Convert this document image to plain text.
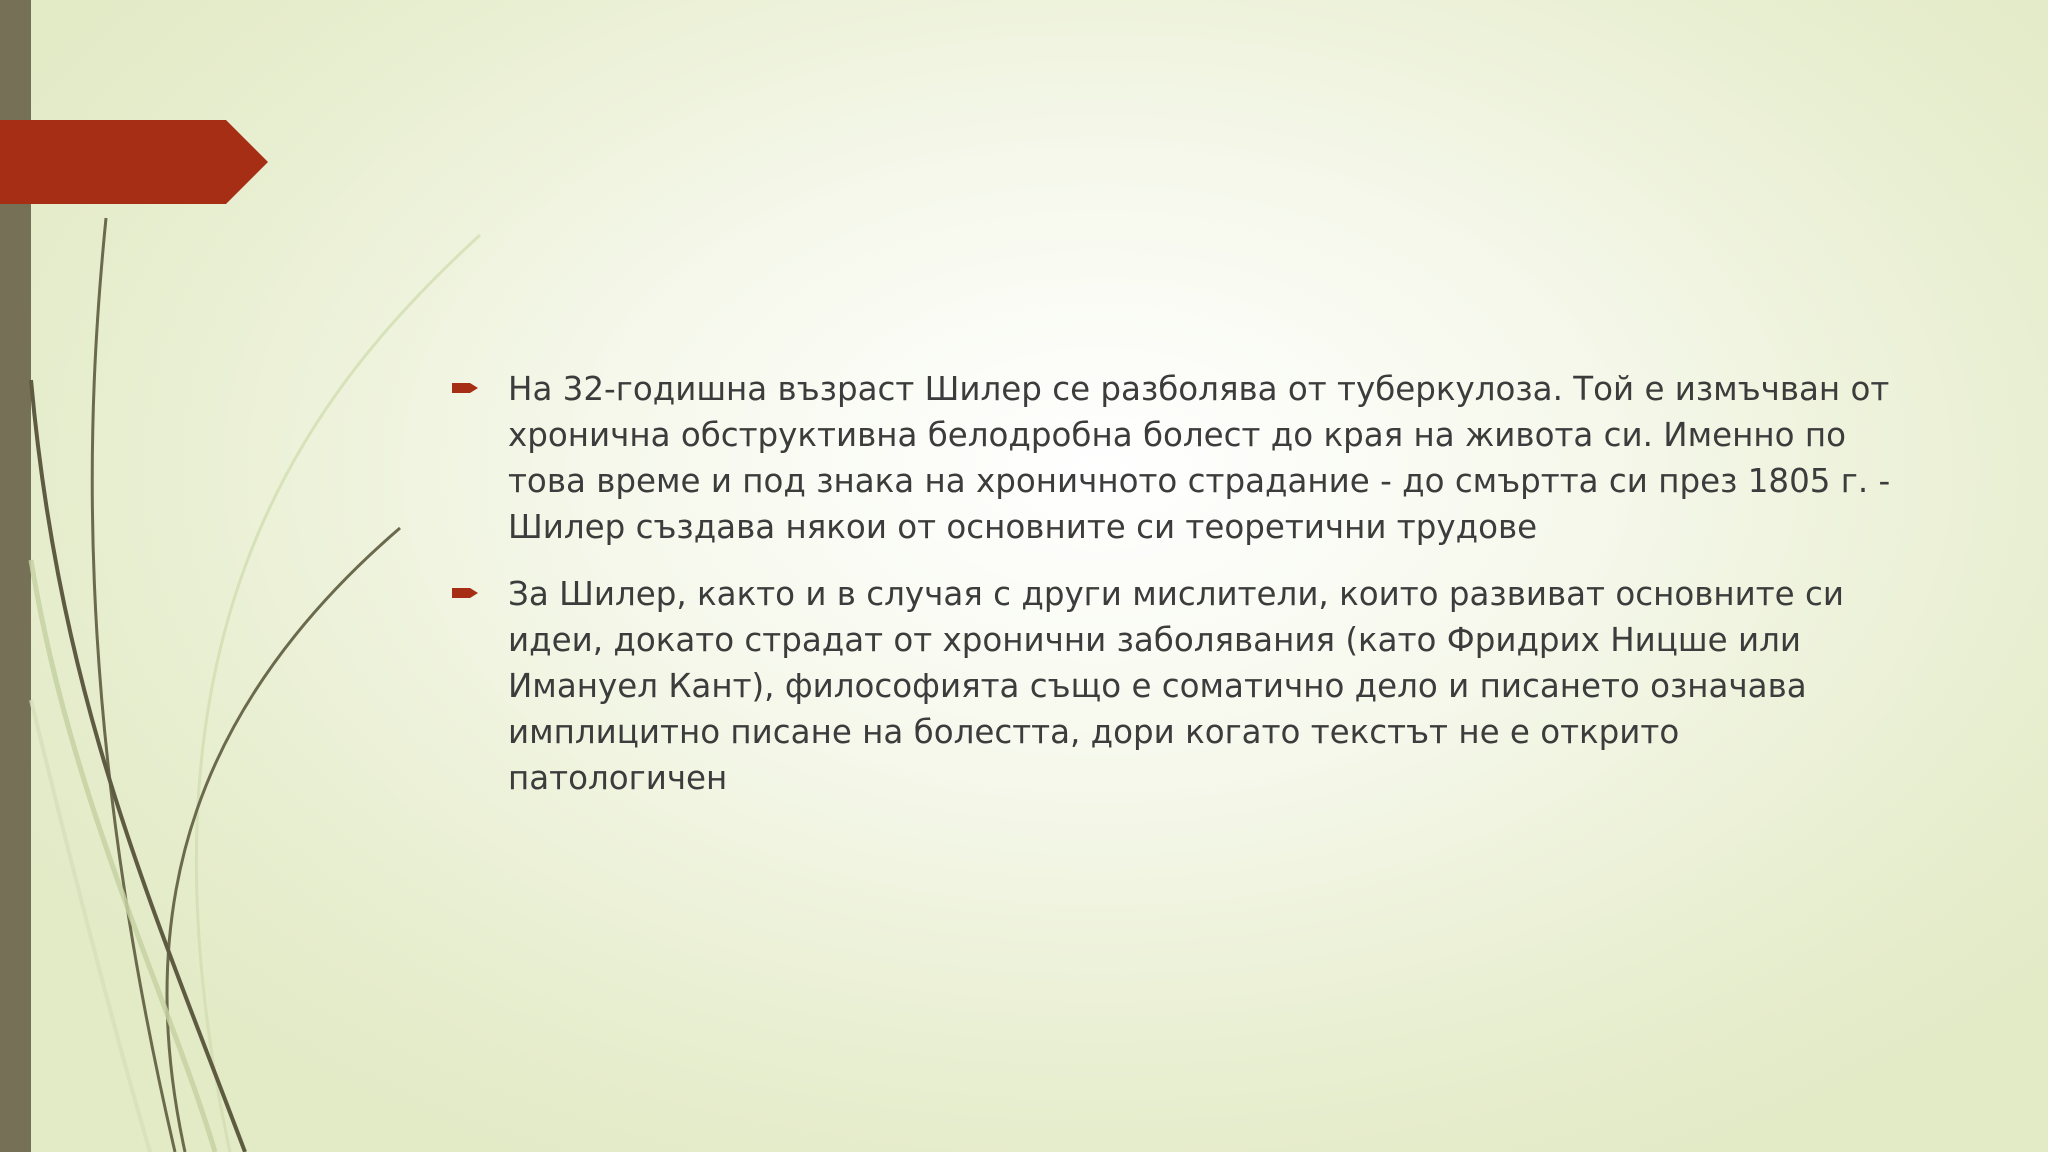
На 32-годишна възраст Шилер се разболява от туберкулоза. Той е измъчван от хронична обструктивна белодробна болест до края на живота си. Именно по това време и под знака на хроничното страдание - до смъртта си през 1805 г. - Шилер създава някои от основните си теоретични трудове
За Шилер, както и в случая с други мислители, които развиват основните си идеи, докато страдат от хронични заболявания (като Фридрих Ницше или Имануел Кант), философията също е соматично дело и писането означава имплицитно писане на болестта, дори когато текстът не е открито патологичен
